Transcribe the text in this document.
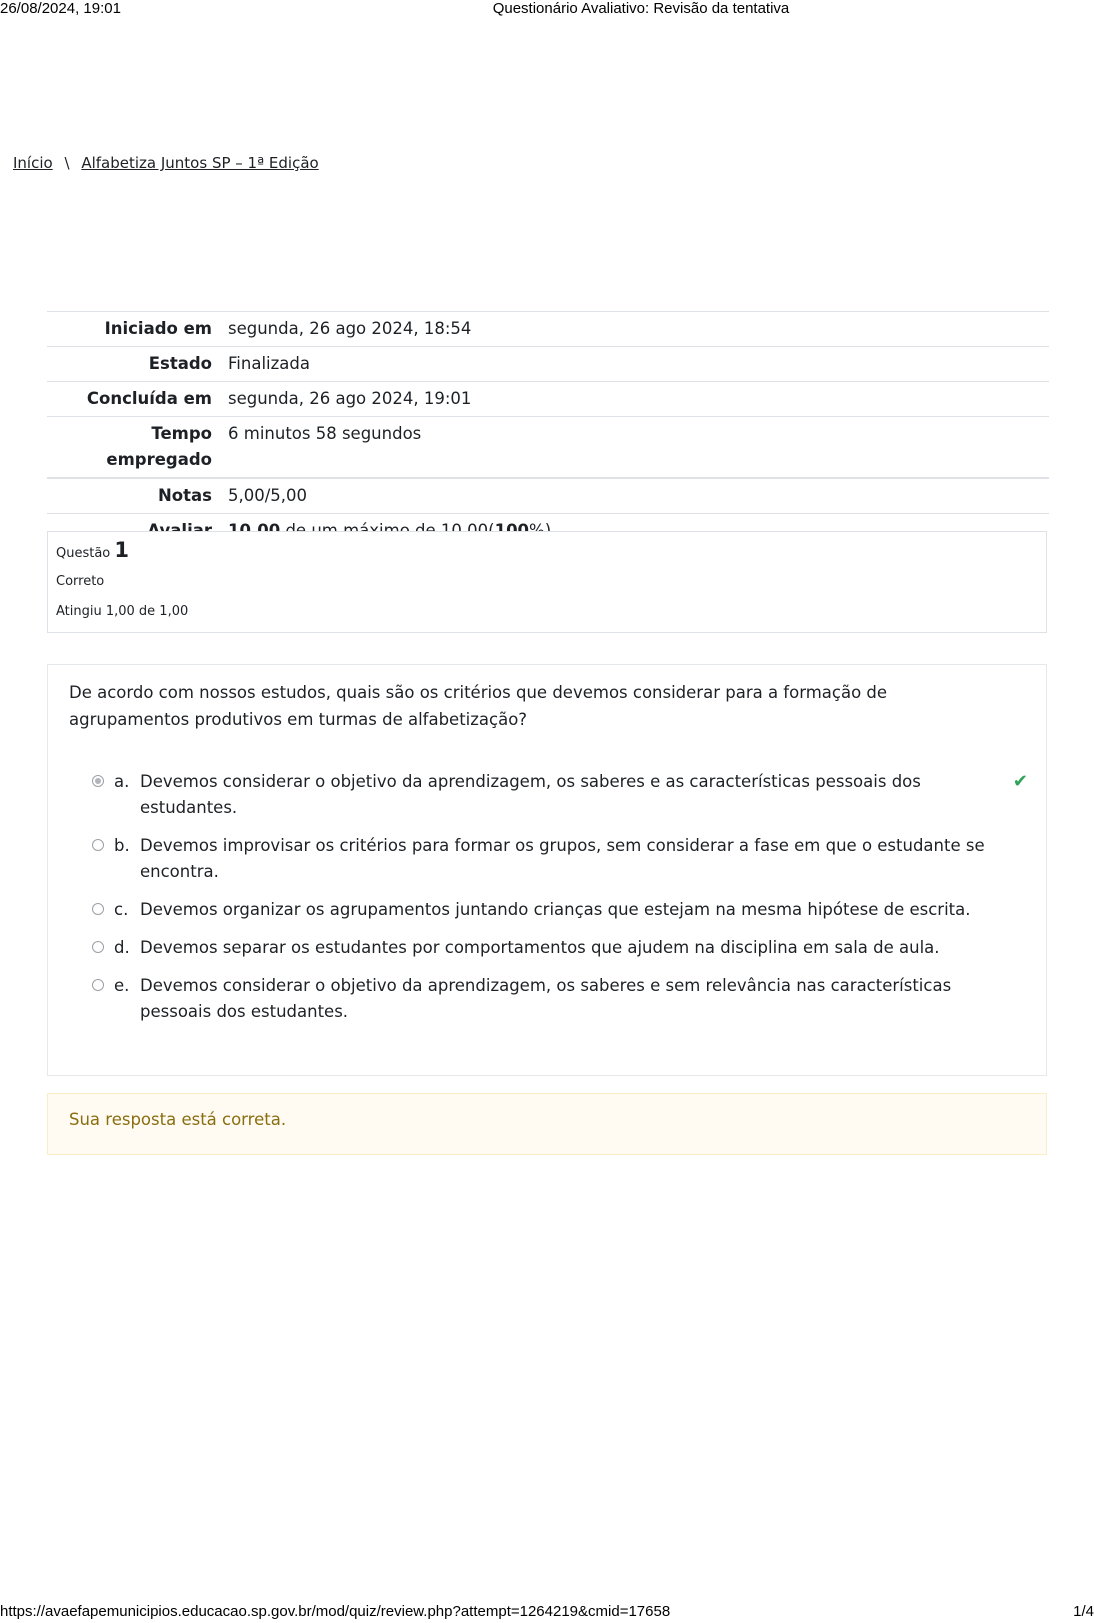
26/08/2024, 19:01	Questionário Avaliativo: Revisão da tentativa
Início \ Alfabetiza Juntos SP – 1ª Edição
Iniciado em	segunda, 26 ago 2024, 18:54
Estado	Finalizada
Concluída em	segunda, 26 ago 2024, 19:01
Tempo
empregado	6 minutos 58 segundos
Notas	5,00/5,00

Questão 1
Correto
Atingiu 1,00 de 1,00
De acordo com nossos estudos, quais são os critérios que devemos considerar para a formação de
agrupamentos produtivos em turmas de alfabetização?
a. Devemos considerar o objetivo da aprendizagem, os saberes e as características pessoais dos estudantes.
✔
b. Devemos improvisar os critérios para formar os grupos, sem considerar a fase em que o estudante se encontra.
c. Devemos organizar os agrupamentos juntando crianças que estejam na mesma hipótese de escrita.
d. Devemos separar os estudantes por comportamentos que ajudem na disciplina em sala de aula.
e. Devemos considerar o objetivo da aprendizagem, os saberes e sem relevância nas características pessoais dos estudantes.
Sua resposta está correta.
https://avaefapemunicipios.educacao.sp.gov.br/mod/quiz/review.php?attempt=1264219&cmid=17658	1/4
